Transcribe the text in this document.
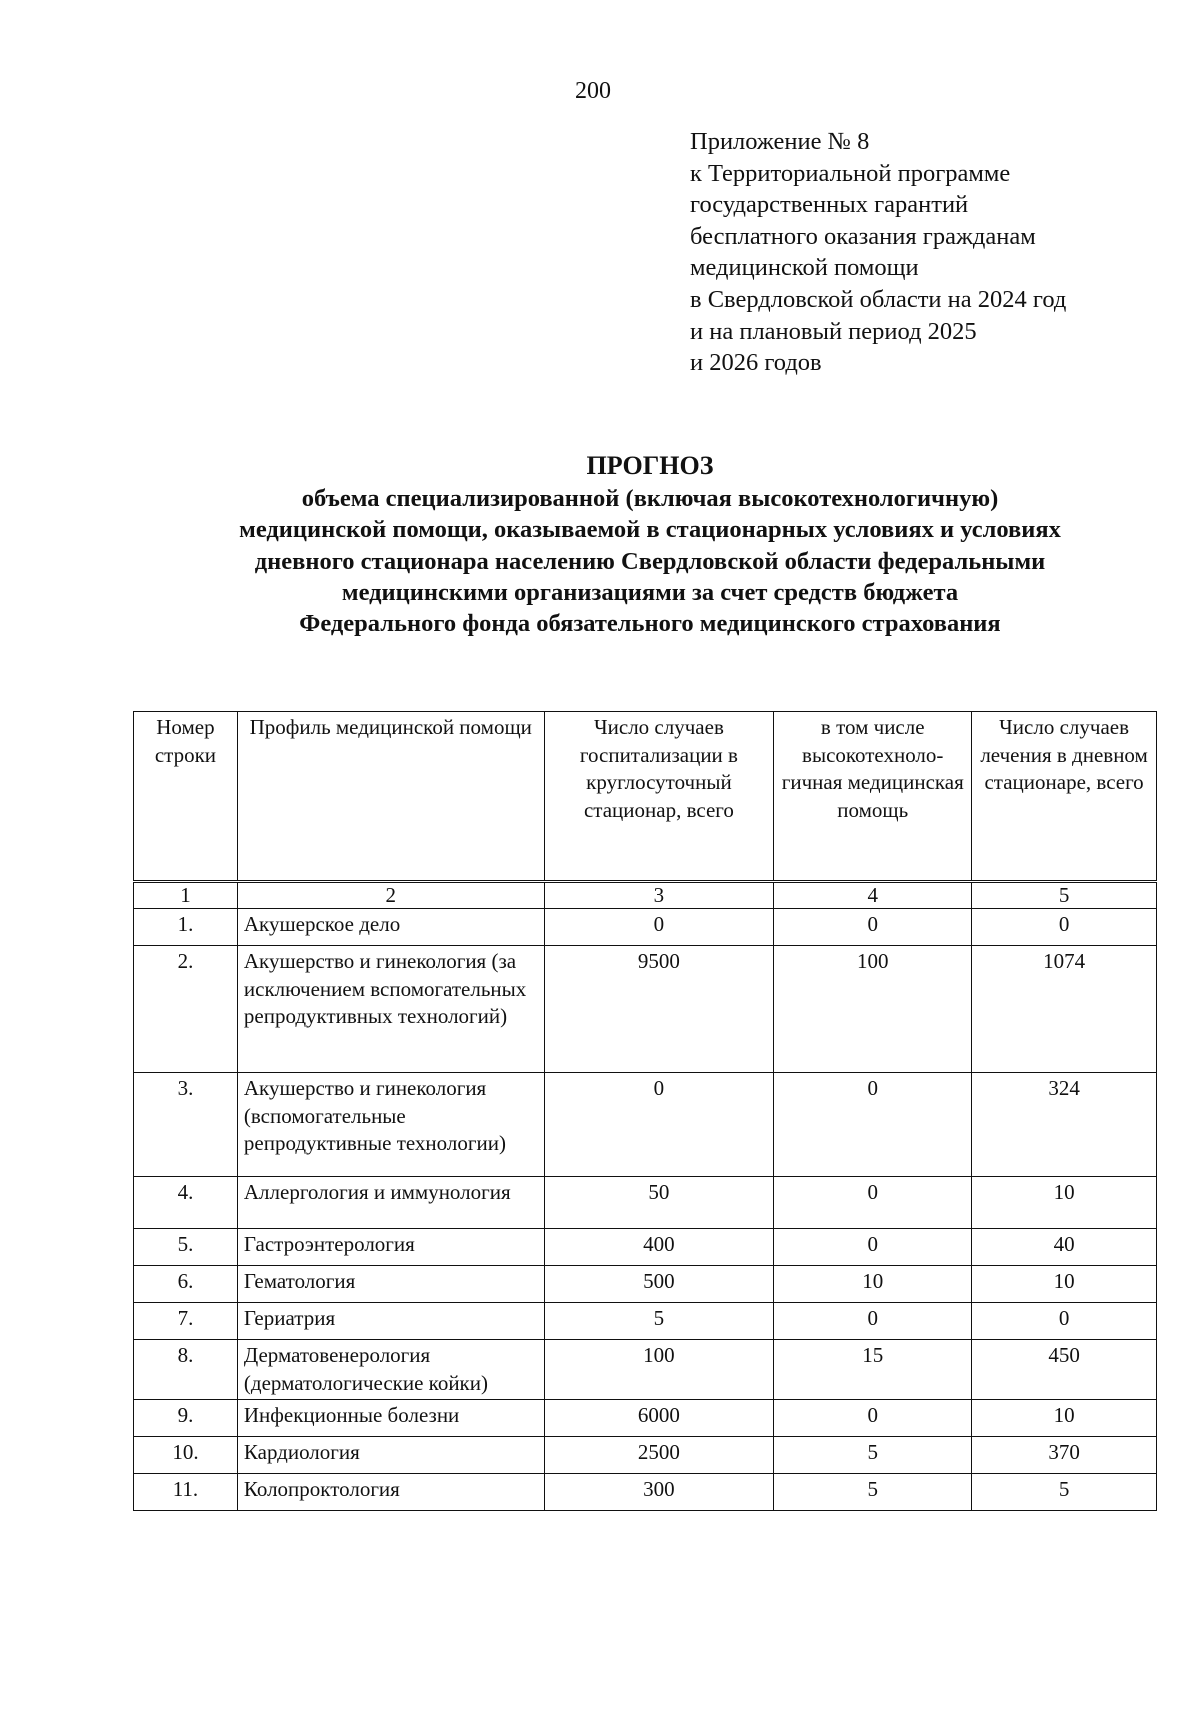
200
Приложение № 8
к Территориальной программе
государственных гарантий
бесплатного оказания гражданам
медицинской помощи
в Свердловской области на 2024 год
и на плановый период 2025
и 2026 годов
ПРОГНОЗ
объема специализированной (включая высокотехнологичную)
медицинской помощи, оказываемой в стационарных условиях и условиях
дневного стационара населению Свердловской области федеральными
медицинскими организациями за счет средств бюджета
Федерального фонда обязательного медицинского страхования
Номер строки	Профиль медицинской помощи	Число случаев госпитализации в круглосуточный стационар, всего	в том числе высокотехноло-гичная медицинская помощь	Число случаев лечения в дневном стационаре, всего
1	2	3	4	5
1.	Акушерское дело	0	0	0
2.	Акушерство и гинекология (за исключением вспомогательных репродуктивных технологий)	9500	100	1074
3.	Акушерство и гинекология (вспомогательные репродуктивные технологии)	0	0	324
4.	Аллергология и иммунология	50	0	10
5.	Гастроэнтерология	400	0	40
6.	Гематология	500	10	10
7.	Гериатрия	5	0	0
8.	Дерматовенерология (дерматологические койки)	100	15	450
9.	Инфекционные болезни	6000	0	10
10.	Кардиология	2500	5	370
11.	Колопроктология	300	5	5
